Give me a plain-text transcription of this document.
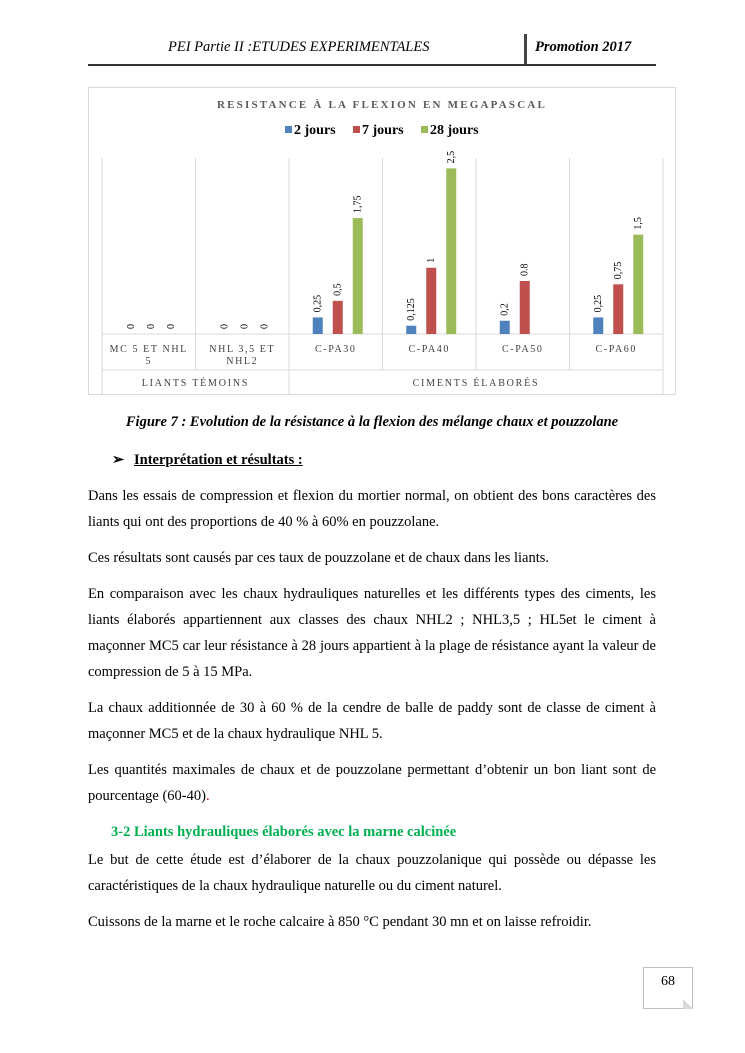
PEI Partie II :ETUDES EXPERIMENTALES	Promotion 2017
RESISTANCE À LA FLEXION EN MEGAPASCAL
2 jours 7 jours 28 jours
0 0 0
MC 5 ET NHL
5
0 0 0
NHL 3,5 ET
NHL2
0,25
0,5
1,75
C-PA30
0,125
1
2,5
C-PA40
0,2
0.8
C-PA50
0,25
0,75
1,5
C-PA60
LIANTS TÉMOINS	CIMENTS ÉLABORÉS
Figure 7 : Evolution de la résistance à la flexion des mélange chaux et pouzzolane
➢ Interprétation et résultats :

Dans les essais de compression et flexion du mortier normal, on obtient des bons caractères des liants qui ont des proportions de 40 % à 60% en pouzzolane.

Ces résultats sont causés par ces taux de pouzzolane et de chaux dans les liants.

En comparaison avec les chaux hydrauliques naturelles et les différents types des ciments, les liants élaborés appartiennent aux classes des chaux NHL2 ; NHL3,5 ; HL5et le ciment à maçonner MC5 car leur résistance à 28 jours appartient à la plage de résistance ayant la valeur de compression de 5 à 15 MPa.

La chaux additionnée de 30 à 60 % de la cendre de balle de paddy sont de classe de ciment à maçonner MC5 et de la chaux hydraulique NHL 5.

Les quantités maximales de chaux et de pouzzolane permettant d’obtenir un bon liant sont de pourcentage (60-40).

3-2 Liants hydrauliques élaborés avec la marne calcinée

Le but de cette étude est d’élaborer de la chaux pouzzolanique qui possède ou dépasse les caractéristiques de la chaux hydraulique naturelle ou du ciment naturel.

Cuissons de la marne et le roche calcaire à 850 °C pendant 30 mn et on laisse refroidir.

68
